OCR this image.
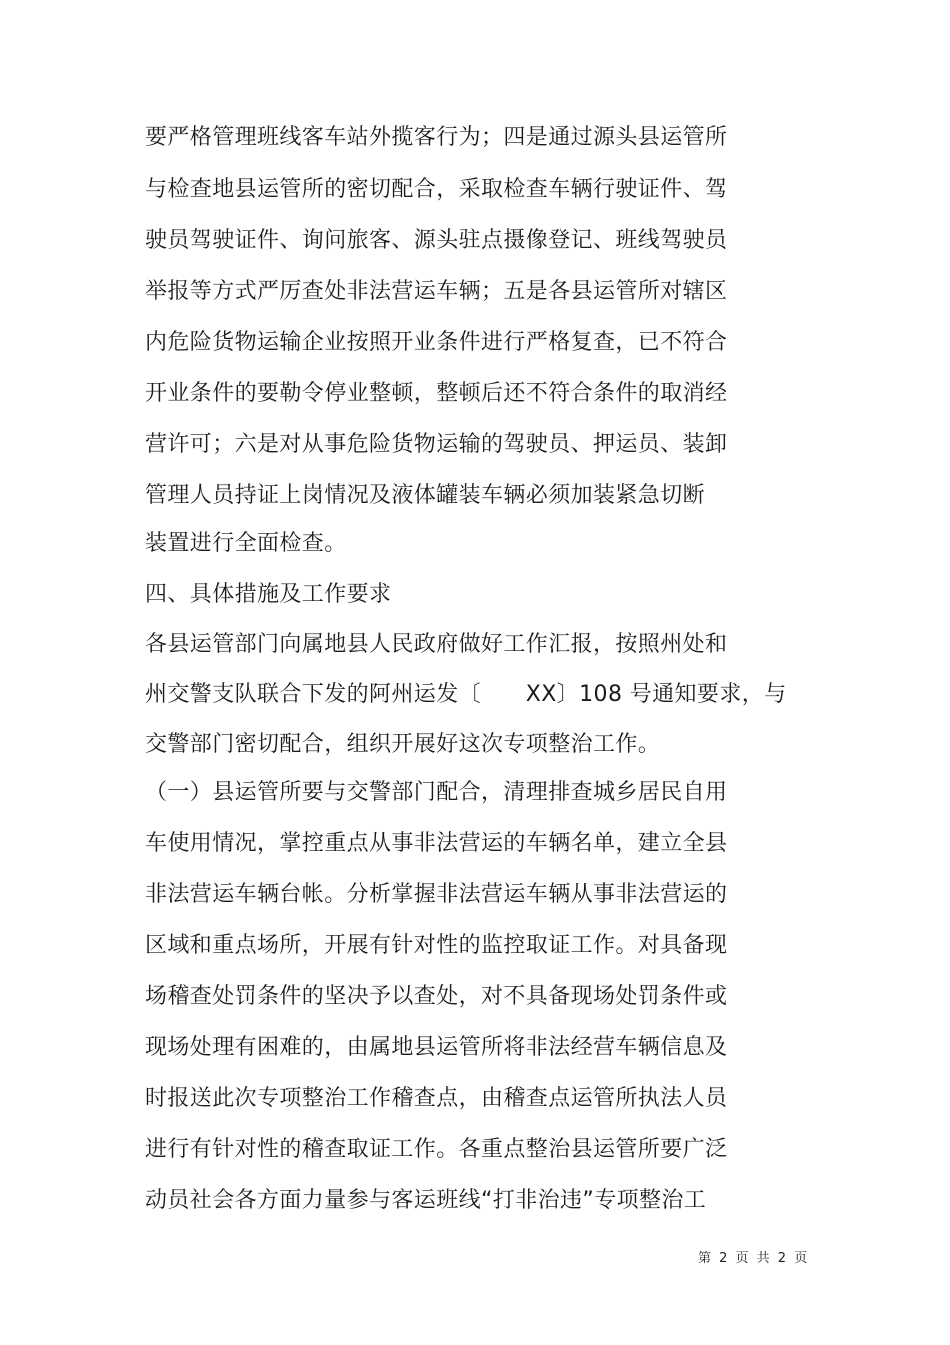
要严格管理班线客车站外揽客行为；四是通过源头县运管所
与检查地县运管所的密切配合，采取检查车辆行驶证件、驾
驶员驾驶证件、询问旅客、源头驻点摄像登记、班线驾驶员
举报等方式严厉查处非法营运车辆；五是各县运管所对辖区
内危险货物运输企业按照开业条件进行严格复查，已不符合
开业条件的要勒令停业整顿，整顿后还不符合条件的取消经
营许可；六是对从事危险货物运输的驾驶员、押运员、装卸
管理人员持证上岗情况及液体罐装车辆必须加装紧急切断
装置进行全面检查。
四、具体措施及工作要求
各县运管部门向属地县人民政府做好工作汇报，按照州处和
州交警支队联合下发的阿州运发〔　　XX〕108 号通知要求，与
交警部门密切配合，组织开展好这次专项整治工作。
（一）县运管所要与交警部门配合，清理排查城乡居民自用
车使用情况，掌控重点从事非法营运的车辆名单，建立全县
非法营运车辆台帐。分析掌握非法营运车辆从事非法营运的
区域和重点场所，开展有针对性的监控取证工作。对具备现
场稽查处罚条件的坚决予以查处，对不具备现场处罚条件或
现场处理有困难的，由属地县运管所将非法经营车辆信息及
时报送此次专项整治工作稽查点，由稽查点运管所执法人员
进行有针对性的稽查取证工作。各重点整治县运管所要广泛
动员社会各方面力量参与客运班线“打非治违”专项整治工
第 2 页 共 2 页
